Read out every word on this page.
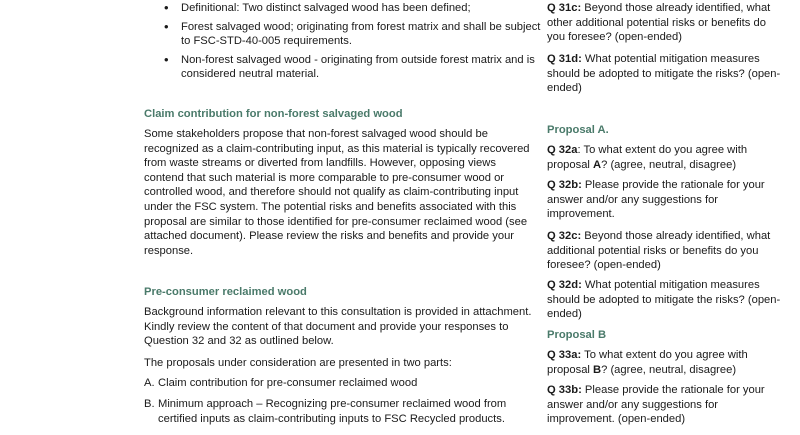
• Definitional: Two distinct salvaged wood has been defined;
• Forest salvaged wood; originating from forest matrix and shall be subject to FSC-STD-40-005 requirements.
• Non-forest salvaged wood - originating from outside forest matrix and is considered neutral material.

Claim contribution for non-forest salvaged wood

Some stakeholders propose that non-forest salvaged wood should be recognized as a claim-contributing input, as this material is typically recovered from waste streams or diverted from landfills. However, opposing views contend that such material is more comparable to pre-consumer wood or controlled wood, and therefore should not qualify as claim-contributing input under the FSC system. The potential risks and benefits associated with this proposal are similar to those identified for pre-consumer reclaimed wood (see attached document). Please review the risks and benefits and provide your response.

Pre-consumer reclaimed wood

Background information relevant to this consultation is provided in attachment. Kindly review the content of that document and provide your responses to Question 32 and 32 as outlined below.

The proposals under consideration are presented in two parts:

A. Claim contribution for pre-consumer reclaimed wood
B. Minimum approach – Recognizing pre-consumer reclaimed wood from certified inputs as claim-contributing inputs to FSC Recycled products.

Q 31c: Beyond those already identified, what other additional potential risks or benefits do you foresee? (open-ended)

Q 31d: What potential mitigation measures should be adopted to mitigate the risks? (open-ended)

Proposal A.

Q 32a: To what extent do you agree with proposal A? (agree, neutral, disagree)

Q 32b: Please provide the rationale for your answer and/or any suggestions for improvement.

Q 32c: Beyond those already identified, what additional potential risks or benefits do you foresee? (open-ended)

Q 32d: What potential mitigation measures should be adopted to mitigate the risks? (open-ended)

Proposal B

Q 33a: To what extent do you agree with proposal B? (agree, neutral, disagree)

Q 33b: Please provide the rationale for your answer and/or any suggestions for improvement. (open-ended)
